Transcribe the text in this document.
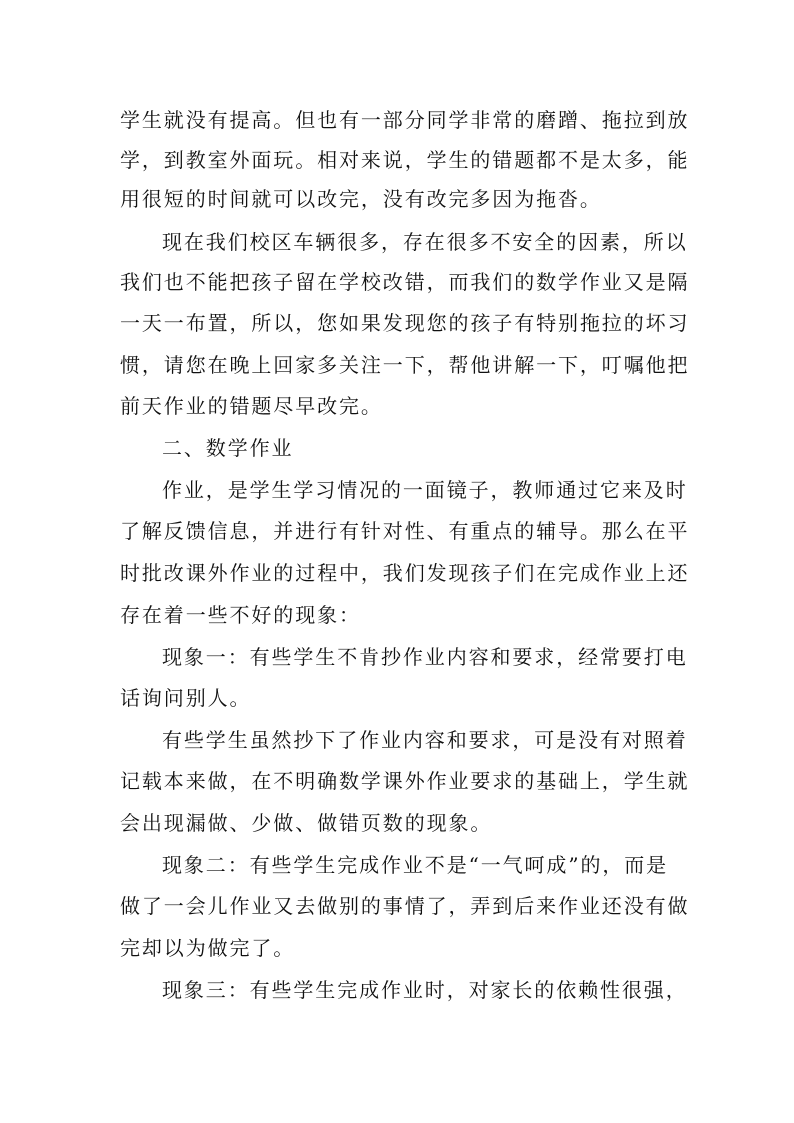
学生就没有提高。但也有一部分同学非常的磨蹭、拖拉到放
学，到教室外面玩。相对来说，学生的错题都不是太多，能
用很短的时间就可以改完，没有改完多因为拖沓。
现在我们校区车辆很多，存在很多不安全的因素，所以
我们也不能把孩子留在学校改错，而我们的数学作业又是隔
一天一布置，所以，您如果发现您的孩子有特别拖拉的坏习
惯，请您在晚上回家多关注一下，帮他讲解一下，叮嘱他把
前天作业的错题尽早改完。
二、数学作业
作业，是学生学习情况的一面镜子，教师通过它来及时
了解反馈信息，并进行有针对性、有重点的辅导。那么在平
时批改课外作业的过程中，我们发现孩子们在完成作业上还
存在着一些不好的现象：
现象一：有些学生不肯抄作业内容和要求，经常要打电
话询问别人。
有些学生虽然抄下了作业内容和要求，可是没有对照着
记载本来做，在不明确数学课外作业要求的基础上，学生就
会出现漏做、少做、做错页数的现象。
现象二：有些学生完成作业不是“一气呵成”的，而是
做了一会儿作业又去做别的事情了，弄到后来作业还没有做
完却以为做完了。
现象三：有些学生完成作业时，对家长的依赖性很强，
